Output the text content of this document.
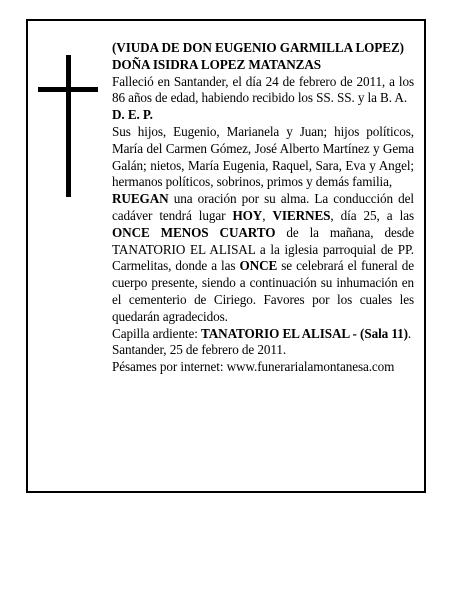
(VIUDA DE DON EUGENIO GARMILLA LOPEZ)

DOÑA ISIDRA LOPEZ MATANZAS

Falleció en Santander, el día 24 de febrero de 2011, a los 86 años de edad, habiendo recibido los SS. SS. y la B. A.

D. E. P.

Sus hijos, Eugenio, Marianela y Juan; hijos políticos, María del Carmen Gómez, José Alberto Martínez y Gema Galán; nietos, María Eugenia, Raquel, Sara, Eva y Angel; hermanos políticos, sobrinos, primos y demás familia,

RUEGAN una oración por su alma. La conducción del cadáver tendrá lugar HOY, VIERNES, día 25, a las ONCE MENOS CUARTO de la mañana, desde TANATORIO EL ALISAL a la iglesia parroquial de PP. Carmelitas, donde a las ONCE se celebrará el funeral de cuerpo presente, siendo a continuación su inhumación en el cementerio de Ciriego. Favores por los cuales les quedarán agradecidos.

Capilla ardiente: TANATORIO EL ALISAL - (Sala 11).

Santander, 25 de febrero de 2011.

Pésames por internet: www.funerarialamontanesa.com
